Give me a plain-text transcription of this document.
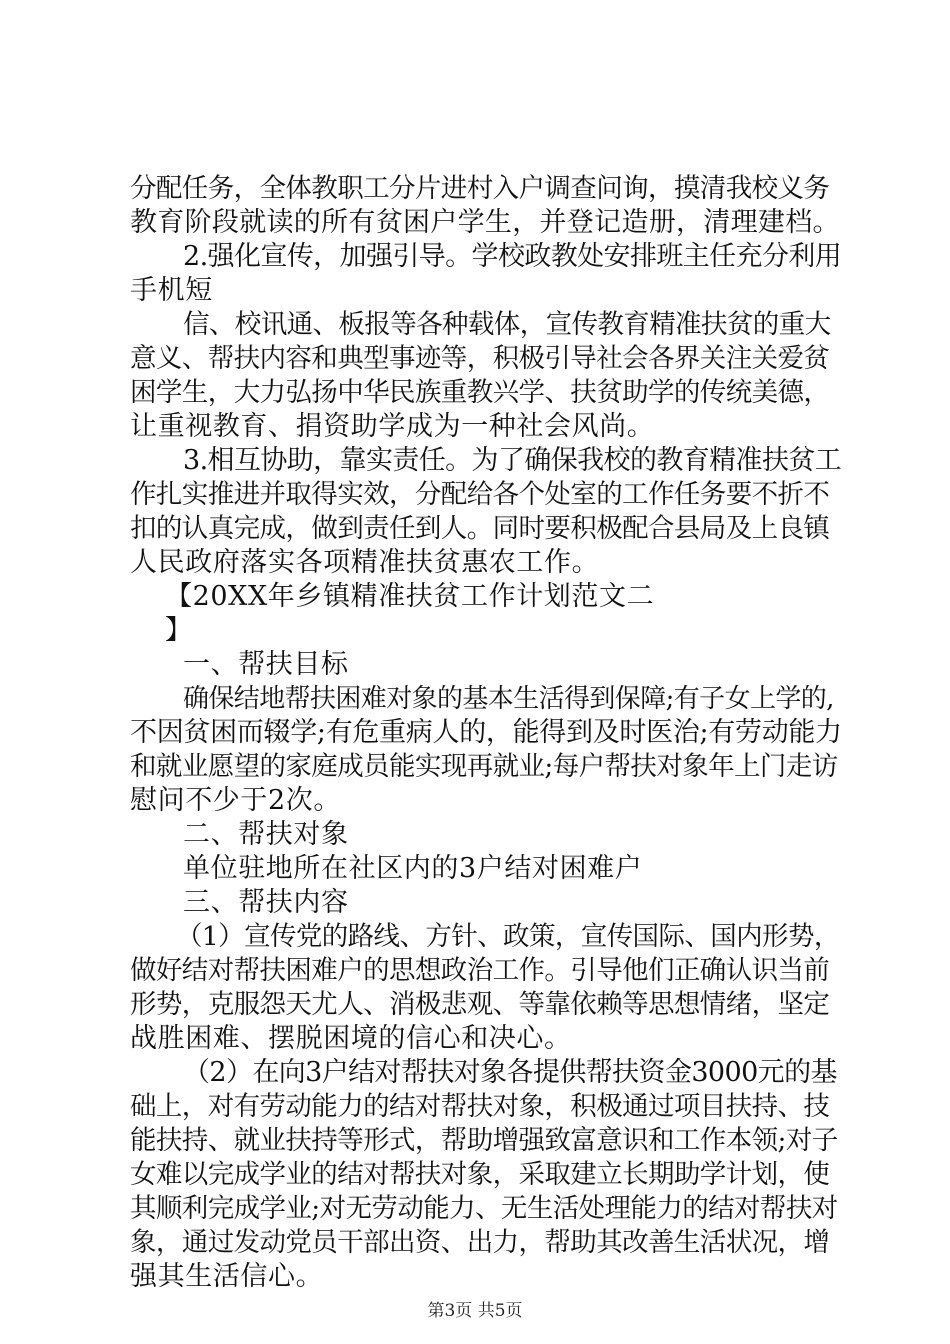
分配任务，全体教职工分片进村入户调查问询，摸清我校义务
教育阶段就读的所有贫困户学生，并登记造册，清理建档。
2.强化宣传，加强引导。学校政教处安排班主任充分利用
手机短
信、校讯通、板报等各种载体，宣传教育精准扶贫的重大
意义、帮扶内容和典型事迹等，积极引导社会各界关注关爱贫
困学生，大力弘扬中华民族重教兴学、扶贫助学的传统美德，
让重视教育、捐资助学成为一种社会风尚。
3.相互协助，靠实责任。为了确保我校的教育精准扶贫工
作扎实推进并取得实效，分配给各个处室的工作任务要不折不
扣的认真完成，做到责任到人。同时要积极配合县局及上良镇
人民政府落实各项精准扶贫惠农工作。
【20XX年乡镇精准扶贫工作计划范文二
】
一、帮扶目标
确保结地帮扶困难对象的基本生活得到保障;有子女上学的,
不因贫困而辍学;有危重病人的，能得到及时医治;有劳动能力
和就业愿望的家庭成员能实现再就业;每户帮扶对象年上门走访
慰问不少于2次。
二、帮扶对象
单位驻地所在社区内的3户结对困难户
三、帮扶内容
（1）宣传党的路线、方针、政策，宣传国际、国内形势，
做好结对帮扶困难户的思想政治工作。引导他们正确认识当前
形势，克服怨天尤人、消极悲观、等靠依赖等思想情绪，坚定
战胜困难、摆脱困境的信心和决心。
（2）在向3户结对帮扶对象各提供帮扶资金3000元的基
础上，对有劳动能力的结对帮扶对象，积极通过项目扶持、技
能扶持、就业扶持等形式，帮助增强致富意识和工作本领;对子
女难以完成学业的结对帮扶对象，采取建立长期助学计划，使
其顺利完成学业;对无劳动能力、无生活处理能力的结对帮扶对
象，通过发动党员干部出资、出力，帮助其改善生活状况，增
强其生活信心。
第3页 共5页
